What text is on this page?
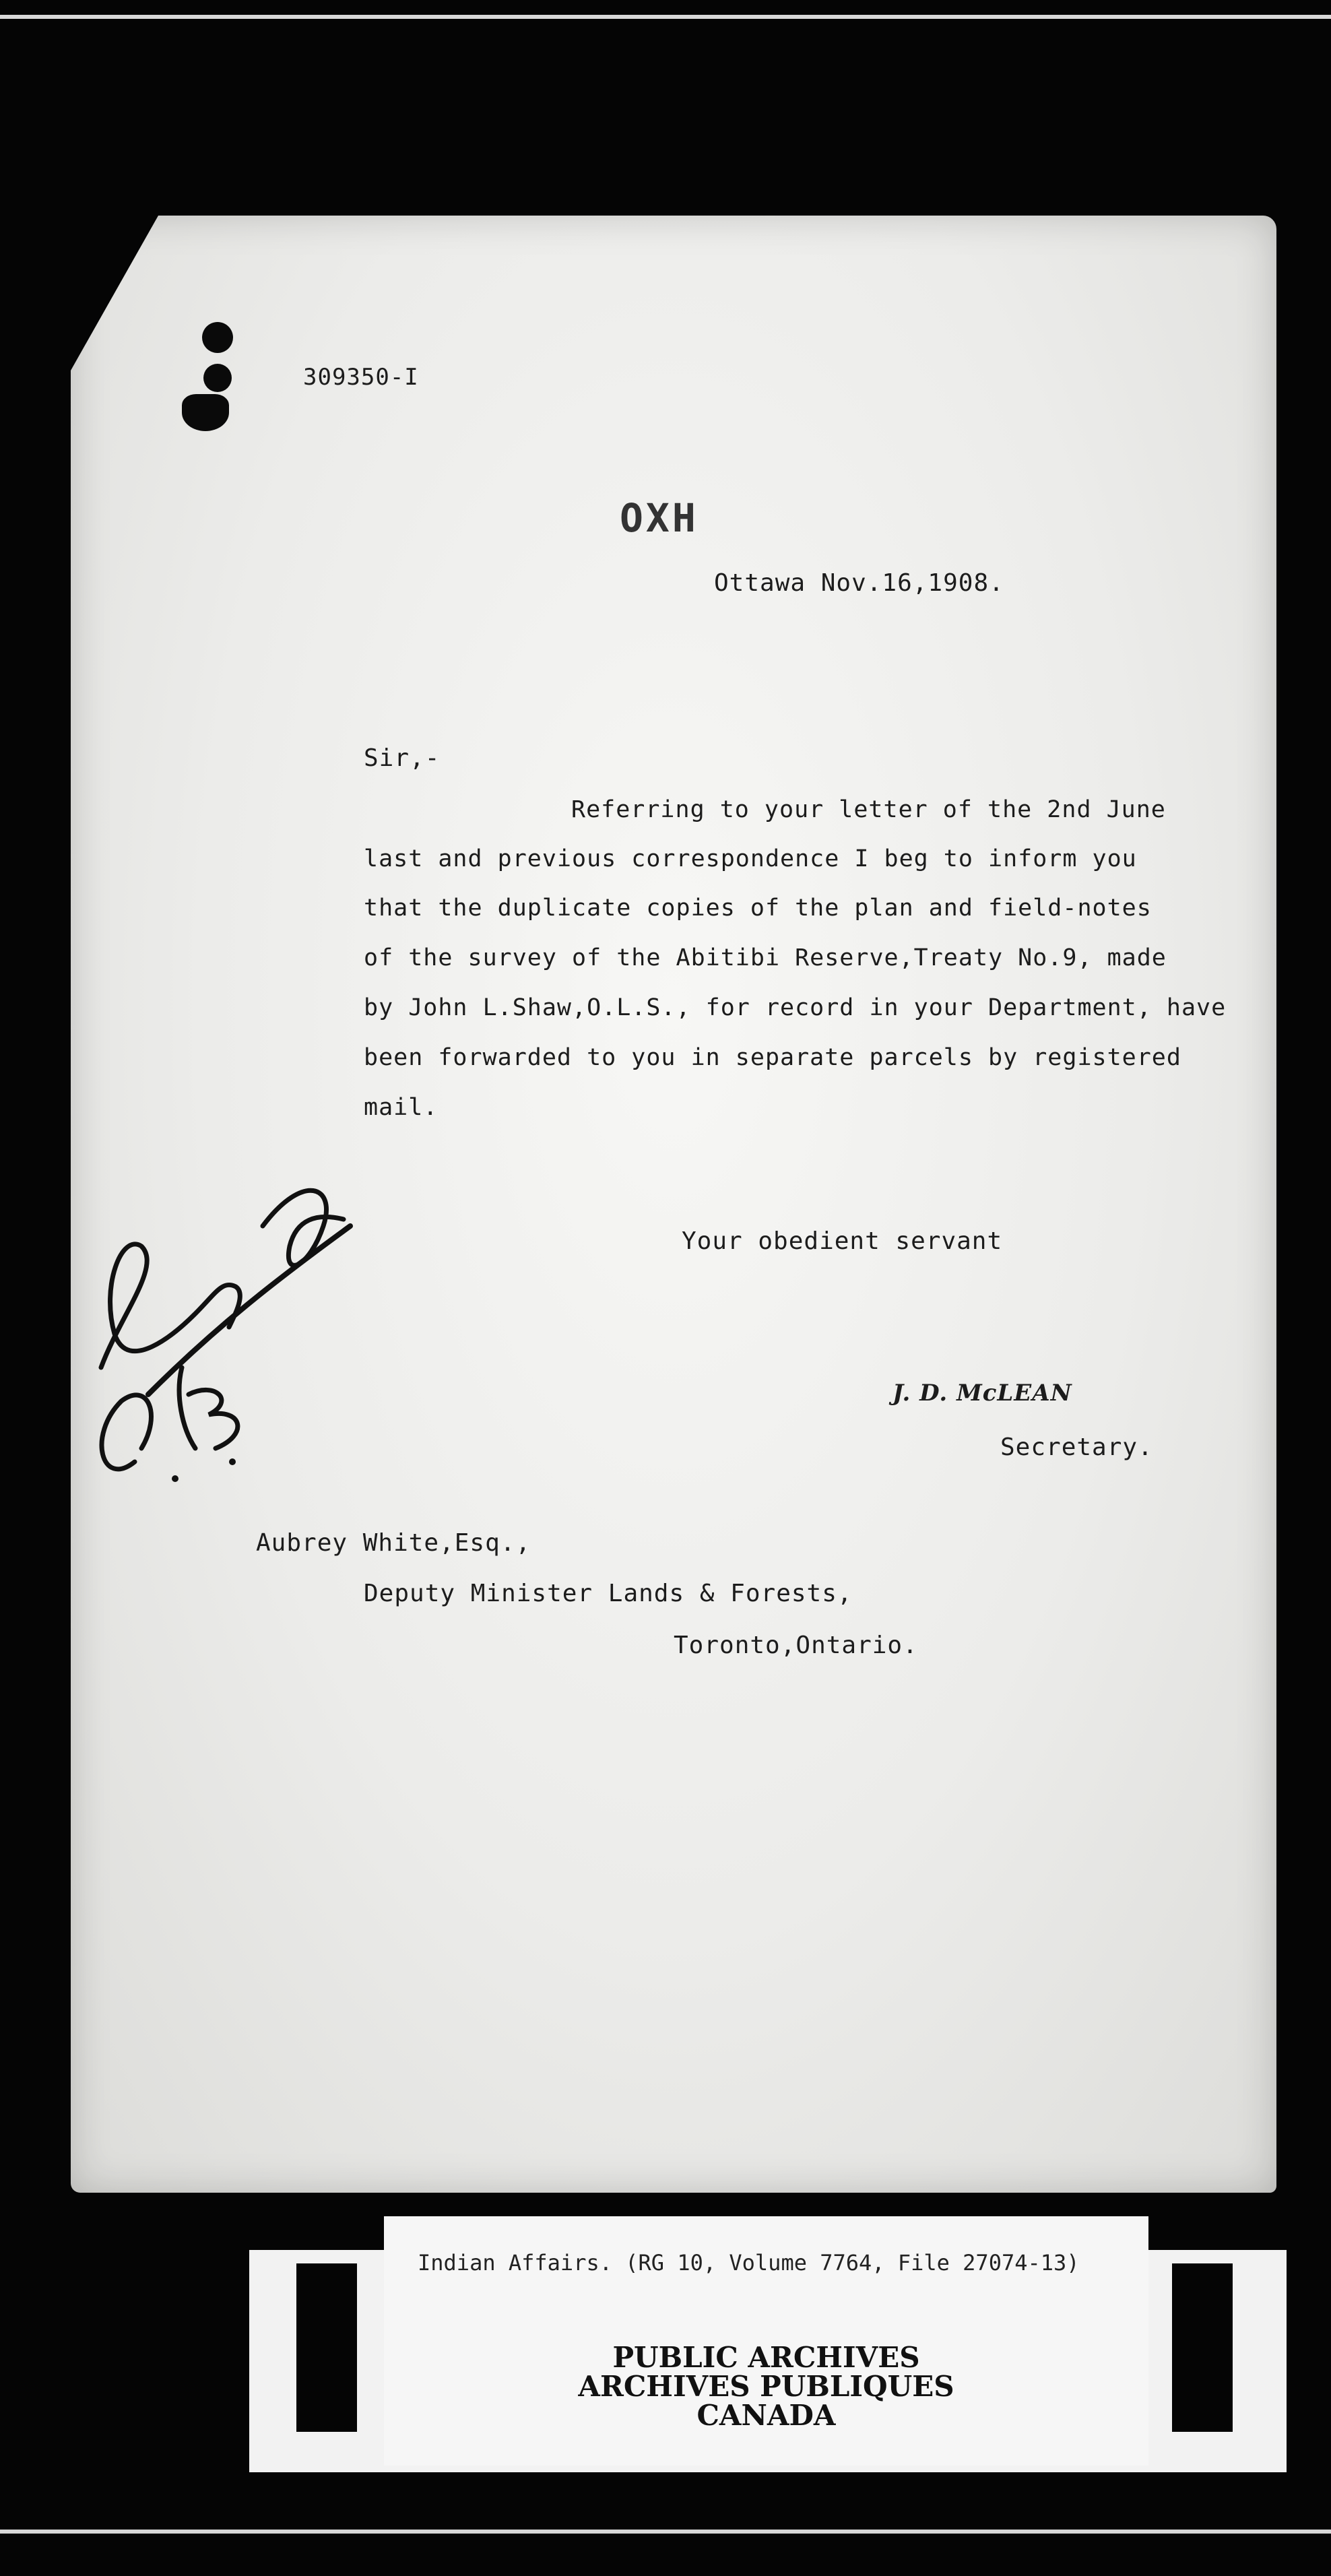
309350-I
OXH
Ottawa Nov.16,1908.
Sir,-
Referring to your letter of the 2nd June
last and previous correspondence I beg to inform you
that the duplicate copies of the plan and field-notes
of the survey of the Abitibi Reserve,Treaty No.9, made
by John L.Shaw,O.L.S., for record in your Department, have
been forwarded to you in separate parcels by registered
mail.
Your obedient servant
J. D. McLEAN
Secretary.
Aubrey White,Esq.,
Deputy Minister Lands & Forests,
Toronto,Ontario.
Indian Affairs. (RG 10, Volume 7764, File 27074-13)
PUBLIC ARCHIVES
ARCHIVES PUBLIQUES
CANADA
